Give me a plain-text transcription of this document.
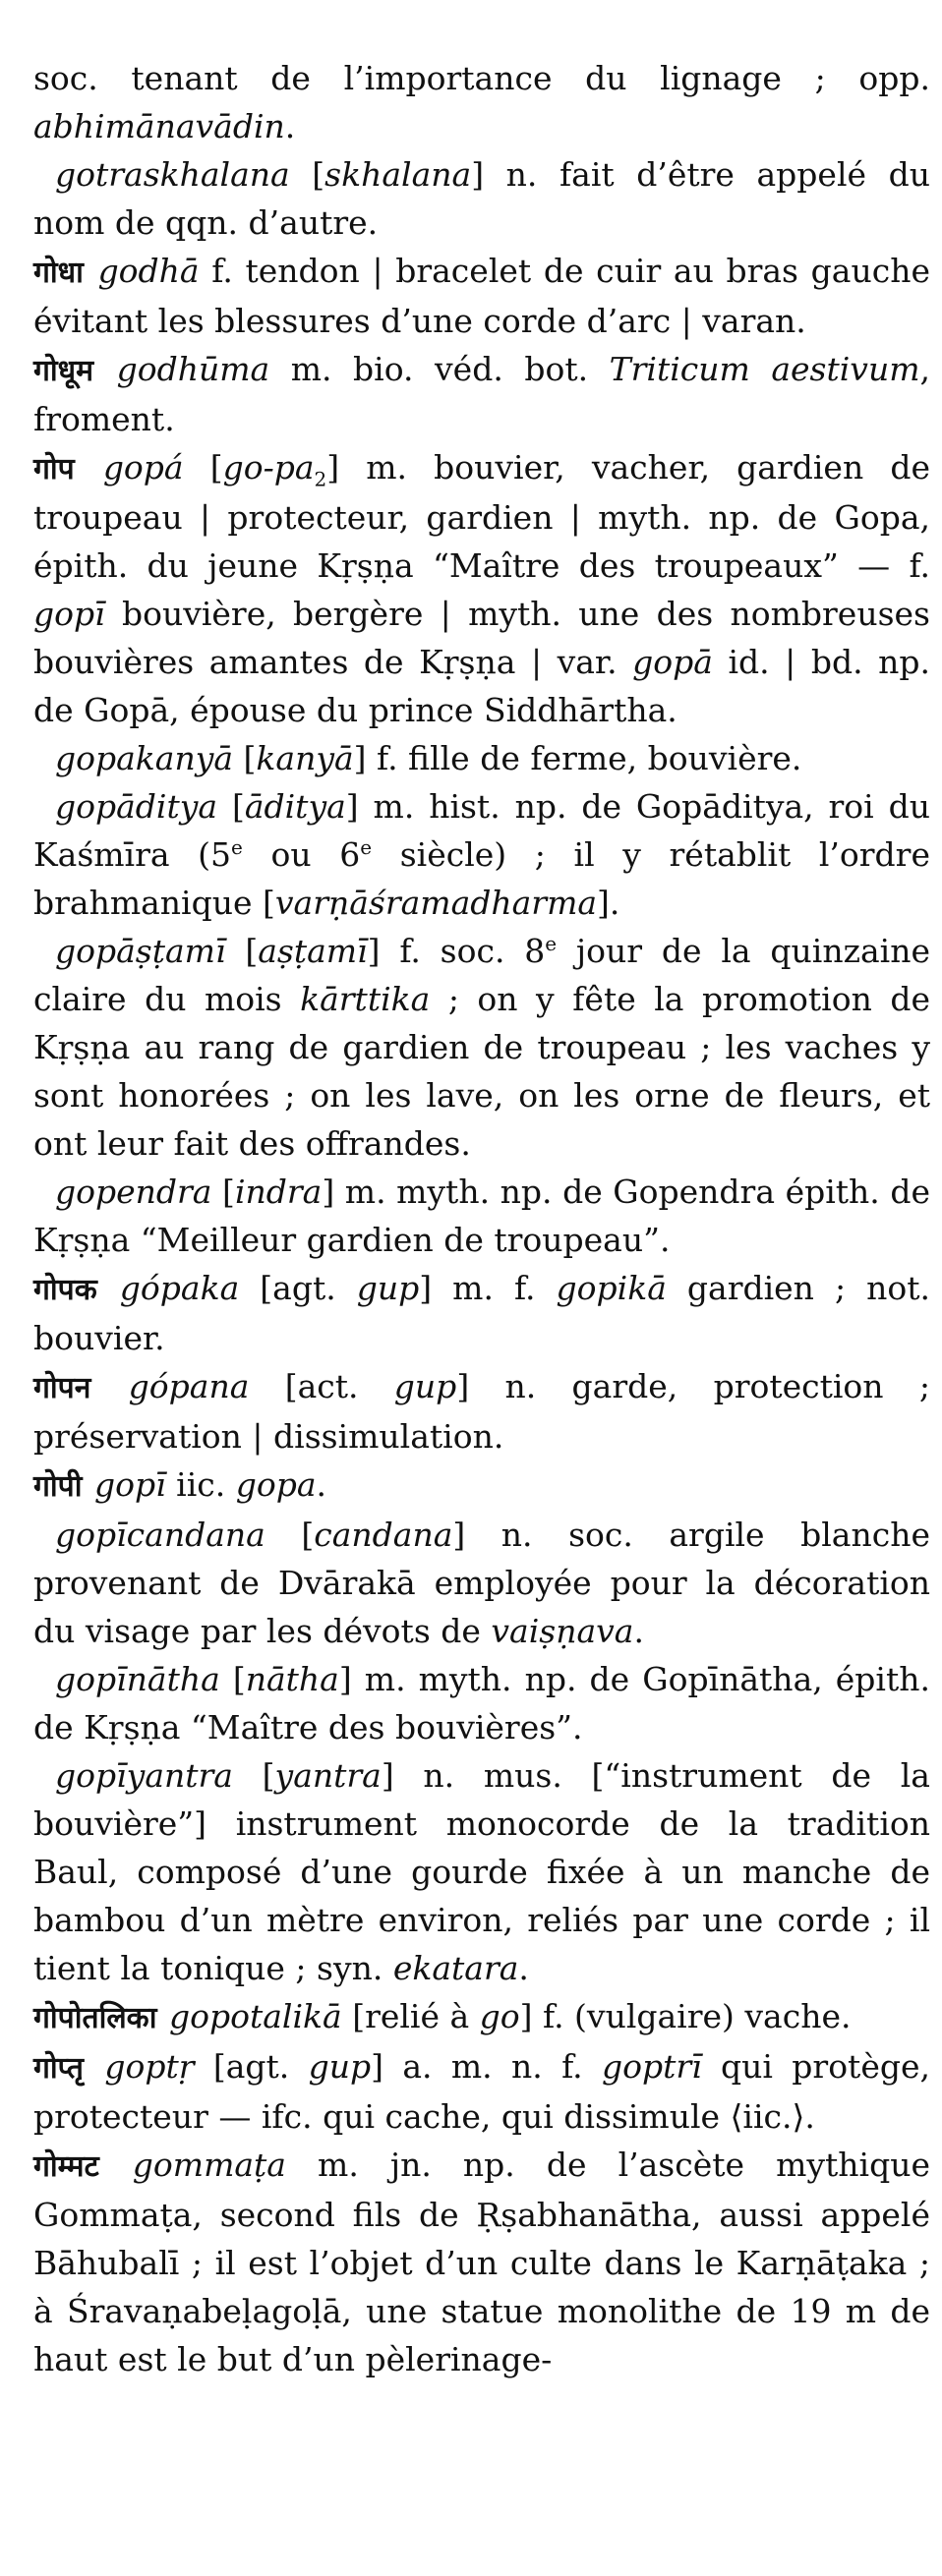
soc. tenant de l’importance du lignage ; opp. abhimānavādin.

gotraskhalana [skhalana] n. fait d’être appelé du nom de qqn. d’autre.

गोधा godhā f. tendon | bracelet de cuir au bras gauche évitant les blessures d’une corde d’arc | varan.

गोधूम godhūma m. bio. véd. bot. Triticum aestivum, froment.

गोप gopá $[go-pa_2]$ m. bouvier, vacher, gardien de troupeau | protecteur, gardien | myth. np. de Gopa, épith. du jeune Kṛṣṇa “Maître des troupeaux” — f. gopī bouvière, bergère | myth. une des nombreuses bouvières amantes de Kṛṣṇa | var. gopā id. | bd. np. de Gopā, épouse du prince Siddhārtha.

gopakanyā [kanyā] f. fille de ferme, bouvière.

gopāditya [āditya] m. hist. np. de Gopāditya, roi du Kaśmīra (5e ou 6e siècle) ; il y rétablit l’ordre brahmanique [varṇāśramadharma].

gopāṣṭamī [aṣṭamī] f. soc. 8e jour de la quinzaine claire du mois kārttika ; on y fête la promotion de Kṛṣṇa au rang de gardien de troupeau ; les vaches y sont honorées ; on les lave, on les orne de fleurs, et ont leur fait des offrandes.

gopendra [indra] m. myth. np. de Gopendra épith. de Kṛṣṇa “Meilleur gardien de troupeau”.

गोपक gópaka [agt. gup] m. f. gopikā gardien ; not. bouvier.

गोपन gópana [act. gup] n. garde, protection ; préservation | dissimulation.

गोपी gopī iic. gopa.

gopīcandana [candana] n. soc. argile blanche provenant de Dvārakā employée pour la décoration du visage par les dévots de vaiṣṇava.

gopīnātha [nātha] m. myth. np. de Gopīnātha, épith. de Kṛṣṇa “Maître des bouvières”.

gopīyantra [yantra] n. mus. [“instrument de la bouvière”] instrument monocorde de la tradition Baul, composé d’une gourde fixée à un manche de bambou d’un mètre environ, reliés par une corde ; il tient la tonique ; syn. ekatara.

गोपोतलिका gopotalikā [relié à go] f. (vulgaire) vache.

गोप्तृ goptṛ [agt. gup] a. m. n. f. goptrī qui protège, protecteur — ifc. qui cache, qui dissimule ⟨iic.⟩.

गोम्मट gommaṭa m. jn. np. de l’ascète mythique Gommaṭa, second fils de Ṛṣabhanātha, aussi appelé Bāhubalī ; il est l’objet d’un culte dans le Karṇāṭaka ; à Śravaṇabeḷagoḷā, une statue monolithe de 19 m de haut est le but d’un pèlerinage-
